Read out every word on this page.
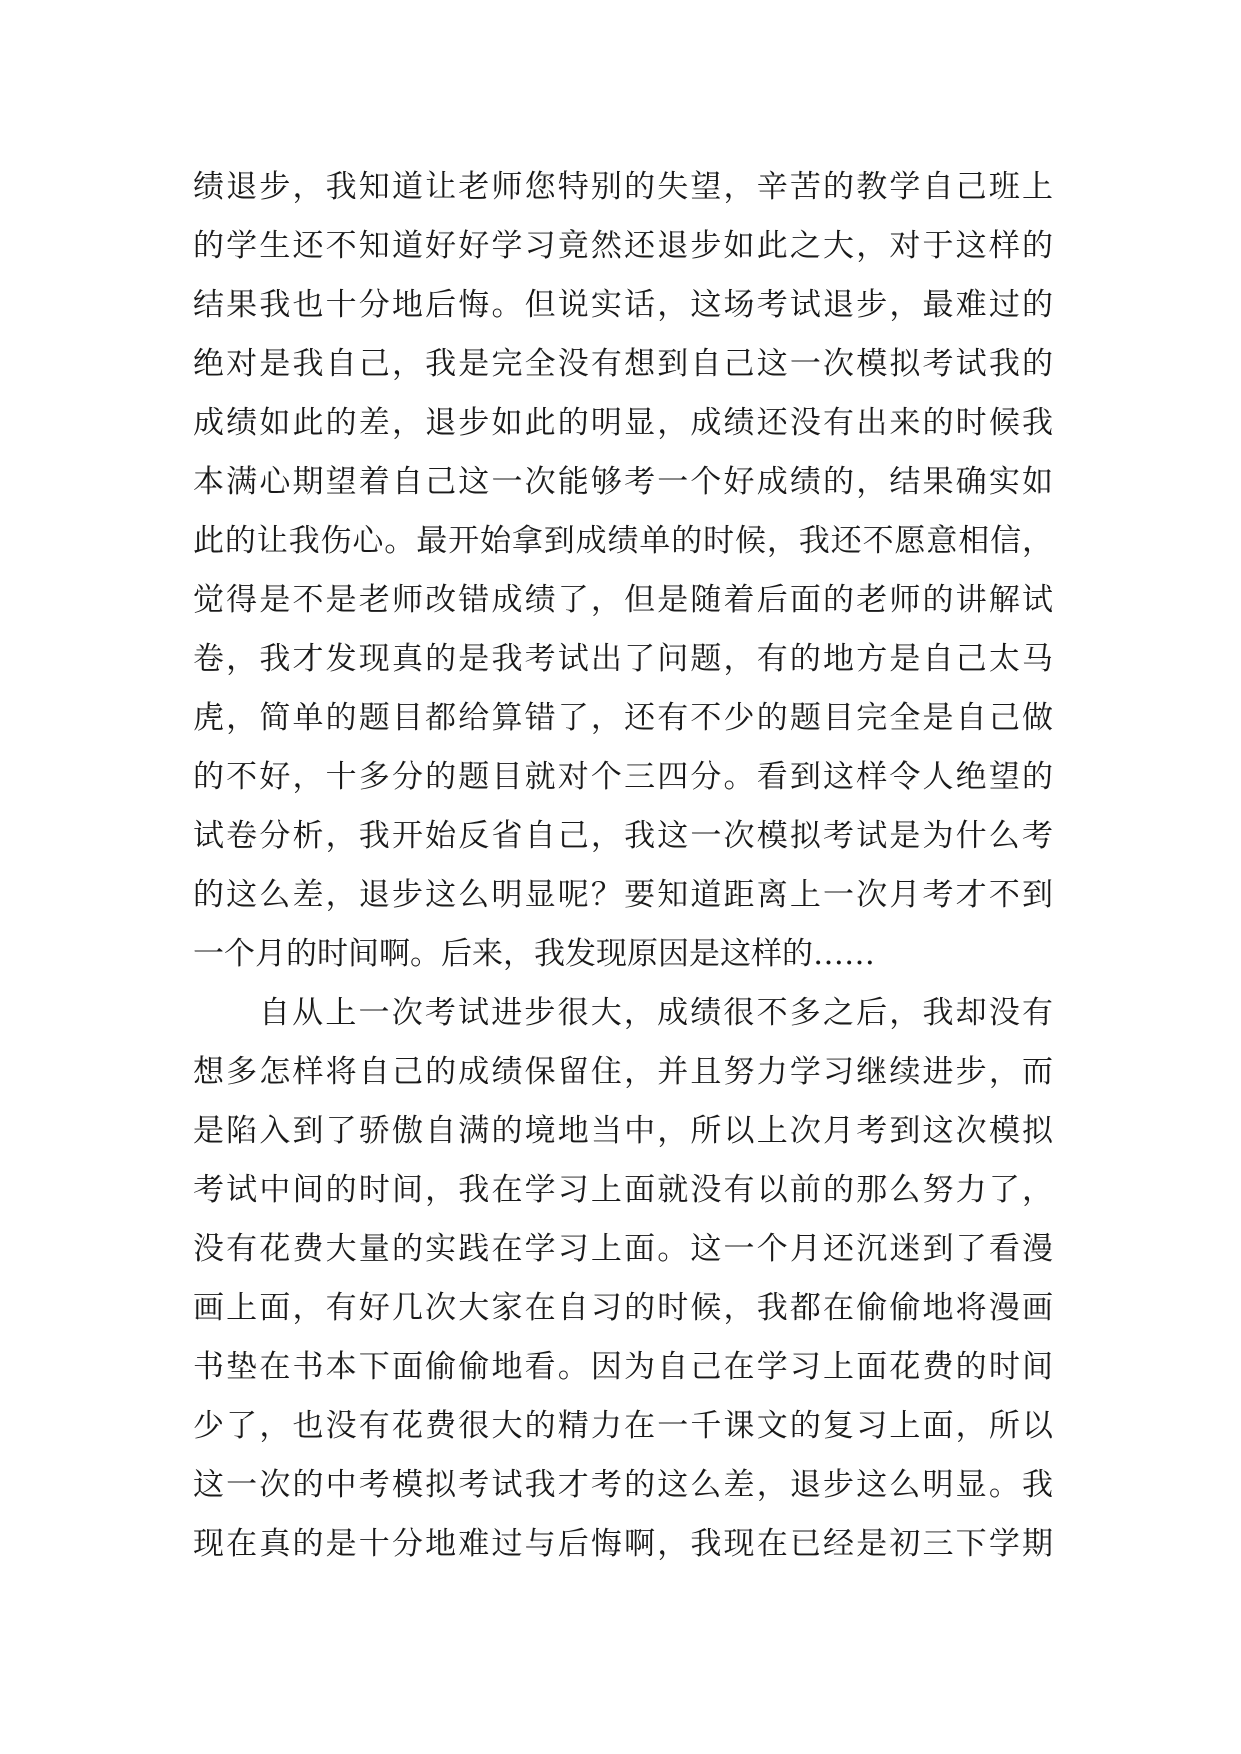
绩退步，我知道让老师您特别的失望，辛苦的教学自己班上
的学生还不知道好好学习竟然还退步如此之大，对于这样的
结果我也十分地后悔。但说实话，这场考试退步，最难过的
绝对是我自己，我是完全没有想到自己这一次模拟考试我的
成绩如此的差，退步如此的明显，成绩还没有出来的时候我
本满心期望着自己这一次能够考一个好成绩的，结果确实如
此的让我伤心。最开始拿到成绩单的时候，我还不愿意相信，
觉得是不是老师改错成绩了，但是随着后面的老师的讲解试
卷，我才发现真的是我考试出了问题，有的地方是自己太马
虎，简单的题目都给算错了，还有不少的题目完全是自己做
的不好，十多分的题目就对个三四分。看到这样令人绝望的
试卷分析，我开始反省自己，我这一次模拟考试是为什么考
的这么差，退步这么明显呢？要知道距离上一次月考才不到
一个月的时间啊。后来，我发现原因是这样的……
自从上一次考试进步很大，成绩很不多之后，我却没有
想多怎样将自己的成绩保留住，并且努力学习继续进步，而
是陷入到了骄傲自满的境地当中，所以上次月考到这次模拟
考试中间的时间，我在学习上面就没有以前的那么努力了，
没有花费大量的实践在学习上面。这一个月还沉迷到了看漫
画上面，有好几次大家在自习的时候，我都在偷偷地将漫画
书垫在书本下面偷偷地看。因为自己在学习上面花费的时间
少了，也没有花费很大的精力在一千课文的复习上面，所以
这一次的中考模拟考试我才考的这么差，退步这么明显。我
现在真的是十分地难过与后悔啊，我现在已经是初三下学期
